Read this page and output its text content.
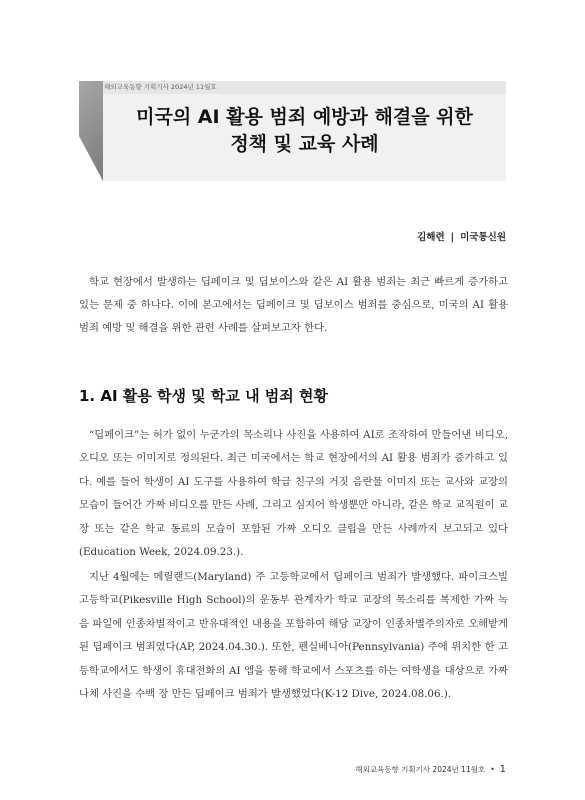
해외교육동향 기획기사 2024년 11월호
미국의 AI 활용 범죄 예방과 해결을 위한
정책 및 교육 사례
김해련 | 미국통신원

학교 현장에서 발생하는 딥페이크 및 딥보이스와 같은 AI 활용 범죄는 최근 빠르게 증가하고 있는 문제 중 하나다. 이에 본고에서는 딥페이크 및 딥보이스 범죄를 중심으로, 미국의 AI 활용 범죄 예방 및 해결을 위한 관련 사례를 살펴보고자 한다.

1. AI 활용 학생 및 학교 내 범죄 현황

“딥페이크”는 허가 없이 누군가의 목소리나 사진을 사용하여 AI로 조작하여 만들어낸 비디오, 오디오 또는 이미지로 정의된다. 최근 미국에서는 학교 현장에서의 AI 활용 범죄가 증가하고 있다. 예를 들어 학생이 AI 도구를 사용하여 학급 친구의 거짓 음란물 이미지 또는 교사와 교장의 모습이 들어간 가짜 비디오를 만든 사례, 그리고 심지어 학생뿐만 아니라, 같은 학교 교직원이 교장 또는 같은 학교 동료의 모습이 포함된 가짜 오디오 클립을 만든 사례까지 보고되고 있다(Education Week, 2024.09.23.).

지난 4월에는 메릴랜드(Maryland) 주 고등학교에서 딥페이크 범죄가 발생했다. 파이크스빌 고등학교(Pikesville High School)의 운동부 관계자가 학교 교장의 목소리를 복제한 가짜 녹음 파일에 인종차별적이고 반유대적인 내용을 포함하여 해당 교장이 인종차별주의자로 오해받게 된 딥페이크 범죄였다(AP, 2024.04.30.). 또한, 펜실베니아(Pennsylvania) 주에 위치한 한 고등학교에서도 학생이 휴대전화의 AI 앱을 통해 학교에서 스포츠를 하는 여학생을 대상으로 가짜 나체 사진을 수백 장 만든 딥페이크 범죄가 발생했었다(K-12 Dive, 2024.08.06.).

해외교육동향 기획기사 2024년 11월호 • 1
